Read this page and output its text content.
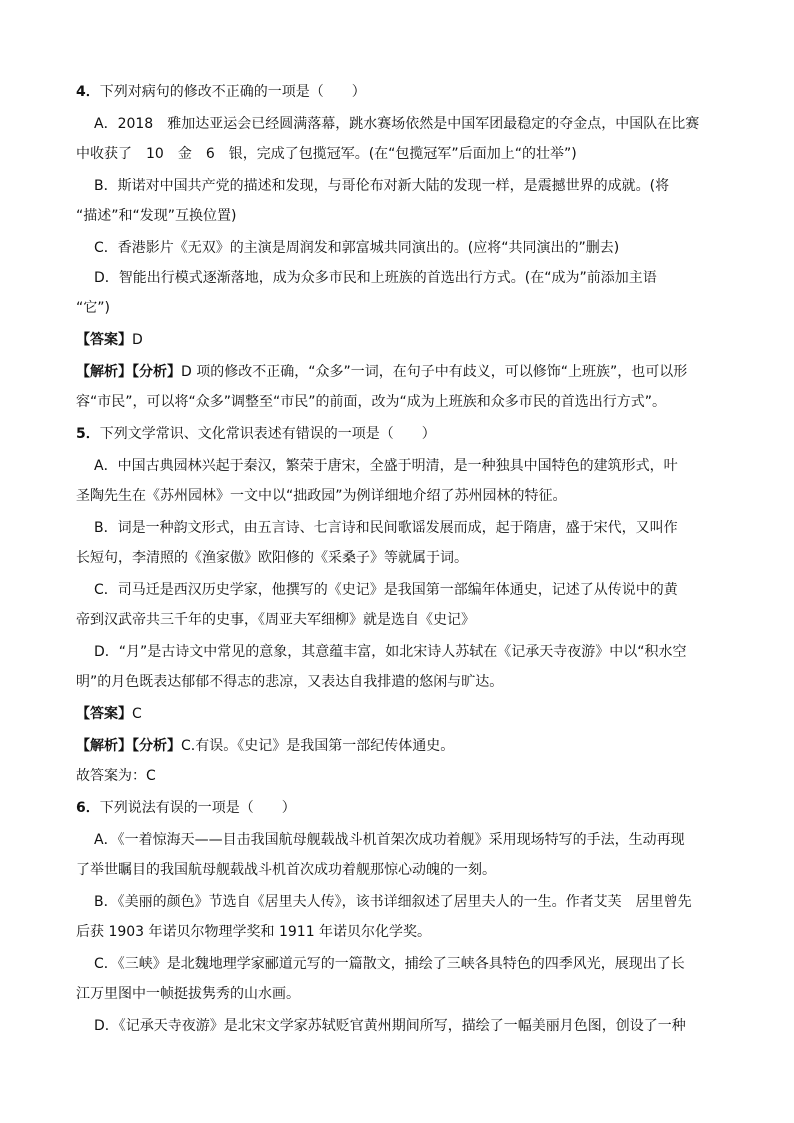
4．下列对病句的修改不正确的一项是（　　）
A．2018　雅加达亚运会已经圆满落幕，跳水赛场依然是中国军团最稳定的夺金点，中国队在比赛
中收获了　10　金　6　银，完成了包揽冠军。(在“包揽冠军”后面加上“的壮举”)
B．斯诺对中国共产党的描述和发现，与哥伦布对新大陆的发现一样，是震撼世界的成就。(将
“描述”和“发现”互换位置)
C．香港影片《无双》的主演是周润发和郭富城共同演出的。(应将“共同演出的”删去)
D．智能出行模式逐渐落地，成为众多市民和上班族的首选出行方式。(在“成为”前添加主语
“它”)
【答案】D
【解析】【分析】D 项的修改不正确，“众多”一词，在句子中有歧义，可以修饰“上班族”，也可以形
容“市民”，可以将“众多”调整至“市民”的前面，改为“成为上班族和众多市民的首选出行方式”。
5．下列文学常识、文化常识表述有错误的一项是（　　）
A．中国古典园林兴起于秦汉，繁荣于唐宋，全盛于明清，是一种独具中国特色的建筑形式，叶
圣陶先生在《苏州园林》一文中以“拙政园”为例详细地介绍了苏州园林的特征。
B．词是一种韵文形式，由五言诗、七言诗和民间歌谣发展而成，起于隋唐，盛于宋代，又叫作
长短句，李清照的《渔家傲》欧阳修的《采桑子》等就属于词。
C．司马迁是西汉历史学家，他撰写的《史记》是我国第一部编年体通史，记述了从传说中的黄
帝到汉武帝共三千年的史事，《周亚夫军细柳》就是选自《史记》
D．“月”是古诗文中常见的意象，其意蕴丰富，如北宋诗人苏轼在《记承天寺夜游》中以“积水空
明”的月色既表达郁郁不得志的悲凉，又表达自我排遣的悠闲与旷达。
【答案】C
【解析】【分析】C.有误。《史记》是我国第一部纪传体通史。
故答案为：C
6．下列说法有误的一项是（　　）
A．《一着惊海天——目击我国航母舰载战斗机首架次成功着舰》采用现场特写的手法，生动再现
了举世瞩目的我国航母舰载战斗机首次成功着舰那惊心动魄的一刻。
B．《美丽的颜色》节选自《居里夫人传》，该书详细叙述了居里夫人的一生。作者艾芙　居里曾先
后获 1903 年诺贝尔物理学奖和 1911 年诺贝尔化学奖。
C．《三峡》是北魏地理学家郦道元写的一篇散文，捕绘了三峡各具特色的四季风光，展现出了长
江万里图中一帧挺拔隽秀的山水画。
D．《记承天寺夜游》是北宋文学家苏轼贬官黄州期间所写，描绘了一幅美丽月色图，创设了一种
